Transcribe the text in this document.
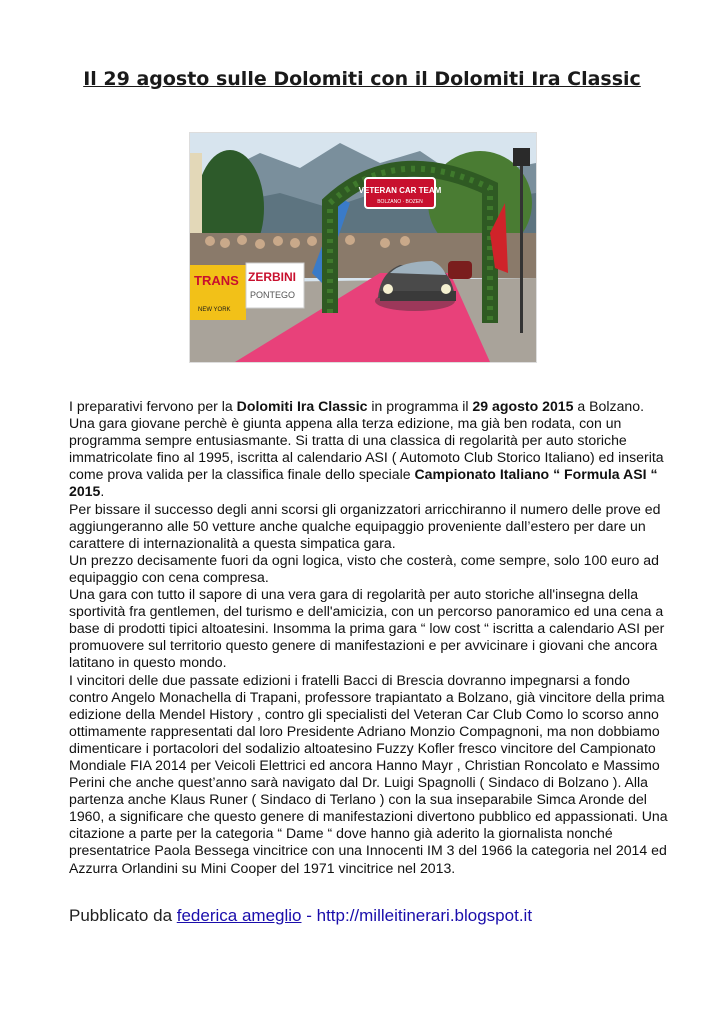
Il 29 agosto sulle Dolomiti con il Dolomiti Ira Classic
TRANS
NEW YORK
ZERBINI
PONTEGO
VETERAN CAR TEAM
BOLZANO · BOZEN

I preparativi fervono per la Dolomiti Ira Classic in programma il 29 agosto 2015 a Bolzano. Una gara giovane perchè è giunta appena alla terza edizione, ma già ben rodata, con un programma sempre entusiasmante. Si tratta di una classica di regolarità per auto storiche immatricolate fino al 1995, iscritta al calendario ASI ( Automoto Club Storico Italiano) ed inserita come prova valida per la classifica finale dello speciale Campionato Italiano “ Formula ASI “ 2015.

Per bissare il successo degli anni scorsi gli organizzatori arricchiranno il numero delle prove ed aggiungeranno alle 50 vetture anche qualche equipaggio proveniente dall’estero per dare un carattere di internazionalità a questa simpatica gara.

Un prezzo decisamente fuori da ogni logica, visto che costerà, come sempre, solo 100 euro ad equipaggio con cena compresa.

Una gara con tutto il sapore di una vera gara di regolarità per auto storiche all'insegna della sportività fra gentlemen, del turismo e dell'amicizia, con un percorso panoramico ed una cena a base di prodotti tipici altoatesini. Insomma la prima gara “ low cost “ iscritta a calendario ASI per promuovere sul territorio questo genere di manifestazioni e per avvicinare i giovani che ancora latitano in questo mondo.

I vincitori delle due passate edizioni i fratelli Bacci di Brescia dovranno impegnarsi a fondo contro Angelo Monachella di Trapani, professore trapiantato a Bolzano, già vincitore della prima edizione della Mendel History , contro gli specialisti del Veteran Car Club Como lo scorso anno ottimamente rappresentati dal loro Presidente Adriano Monzio Compagnoni, ma non dobbiamo dimenticare i portacolori del sodalizio altoatesino Fuzzy Kofler fresco vincitore del Campionato Mondiale FIA 2014 per Veicoli Elettrici ed ancora Hanno Mayr , Christian Roncolato e Massimo Perini che anche quest’anno sarà navigato dal Dr. Luigi Spagnolli ( Sindaco di Bolzano ). Alla partenza anche Klaus Runer ( Sindaco di Terlano ) con la sua inseparabile Simca Aronde del 1960, a significare che questo genere di manifestazioni divertono pubblico ed appassionati. Una citazione a parte per la categoria “ Dame “ dove hanno già aderito la giornalista nonché presentatrice Paola Bessega vincitrice con una Innocenti IM 3 del 1966 la categoria nel 2014 ed Azzurra Orlandini su Mini Cooper del 1971 vincitrice nel 2013.

Pubblicato da federica ameglio - http://milleitinerari.blogspot.it
